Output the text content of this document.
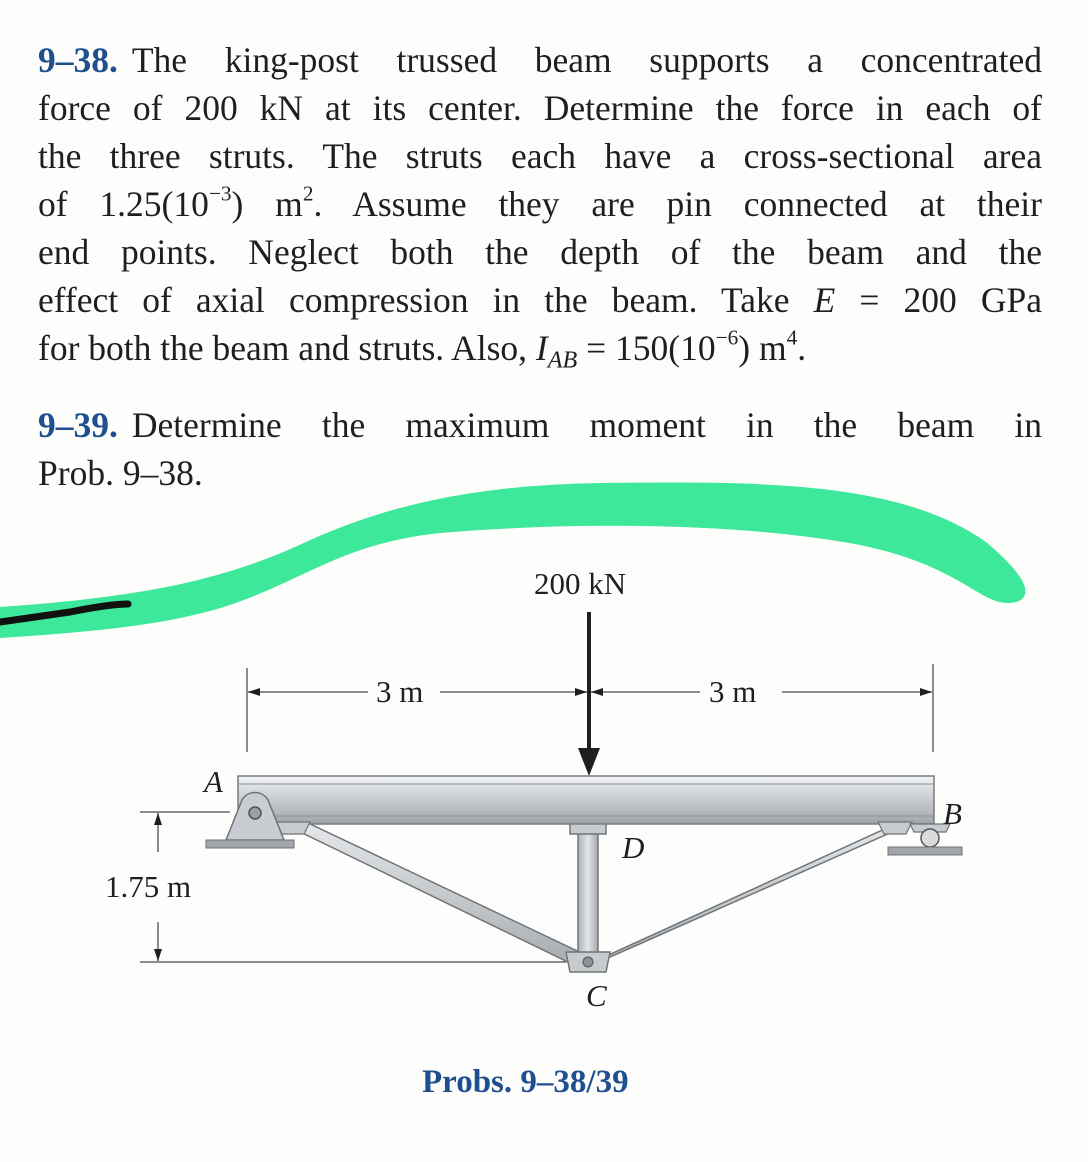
9–38. The king-post trussed beam supports a concentrated
force of 200 kN at its center. Determine the force in each of
the three struts. The struts each have a cross-sectional area
of $1.25(10^{-3})$ $m^2$. Assume they are pin connected at their
end points. Neglect both the depth of the beam and the
effect of axial compression in the beam. Take E = 200 GPa
for both the beam and struts. Also, $I_{AB} = 150(10^{-6})$ $m^4$.
9–39. Determine the maximum moment in the beam in
Prob. 9–38.
200 kN
3 m	3 m
1.75 m
A
B
C
D
Probs. 9–38/39
